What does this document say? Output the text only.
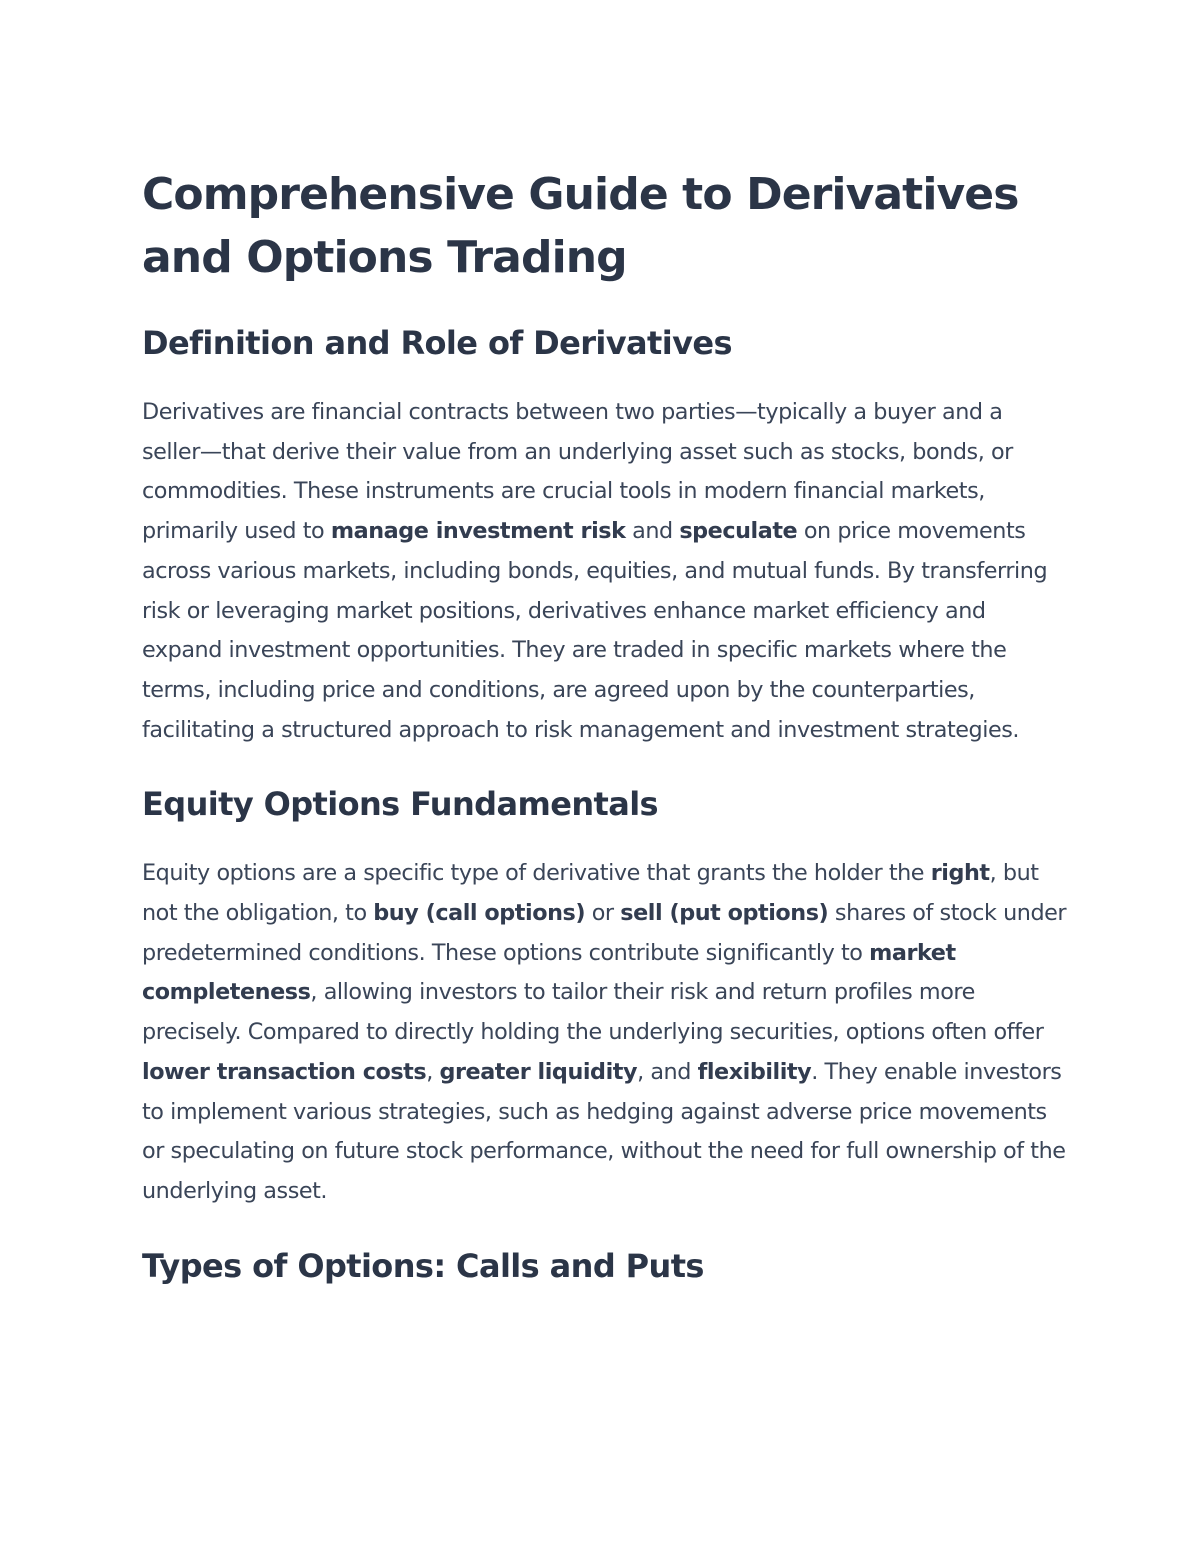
Comprehensive Guide to Derivatives and Options Trading
Definition and Role of Derivatives

Derivatives are financial contracts between two parties—typically a buyer and a seller—that derive their value from an underlying asset such as stocks, bonds, or commodities. These instruments are crucial tools in modern financial markets, primarily used to manage investment risk and speculate on price movements across various markets, including bonds, equities, and mutual funds. By transferring risk or leveraging market positions, derivatives enhance market efficiency and expand investment opportunities. They are traded in specific markets where the terms, including price and conditions, are agreed upon by the counterparties, facilitating a structured approach to risk management and investment strategies.

Equity Options Fundamentals

Equity options are a specific type of derivative that grants the holder the right, but not the obligation, to buy (call options) or sell (put options) shares of stock under predetermined conditions. These options contribute significantly to market completeness, allowing investors to tailor their risk and return profiles more precisely. Compared to directly holding the underlying securities, options often offer lower transaction costs, greater liquidity, and flexibility. They enable investors to implement various strategies, such as hedging against adverse price movements or speculating on future stock performance, without the need for full ownership of the underlying asset.

Types of Options: Calls and Puts
